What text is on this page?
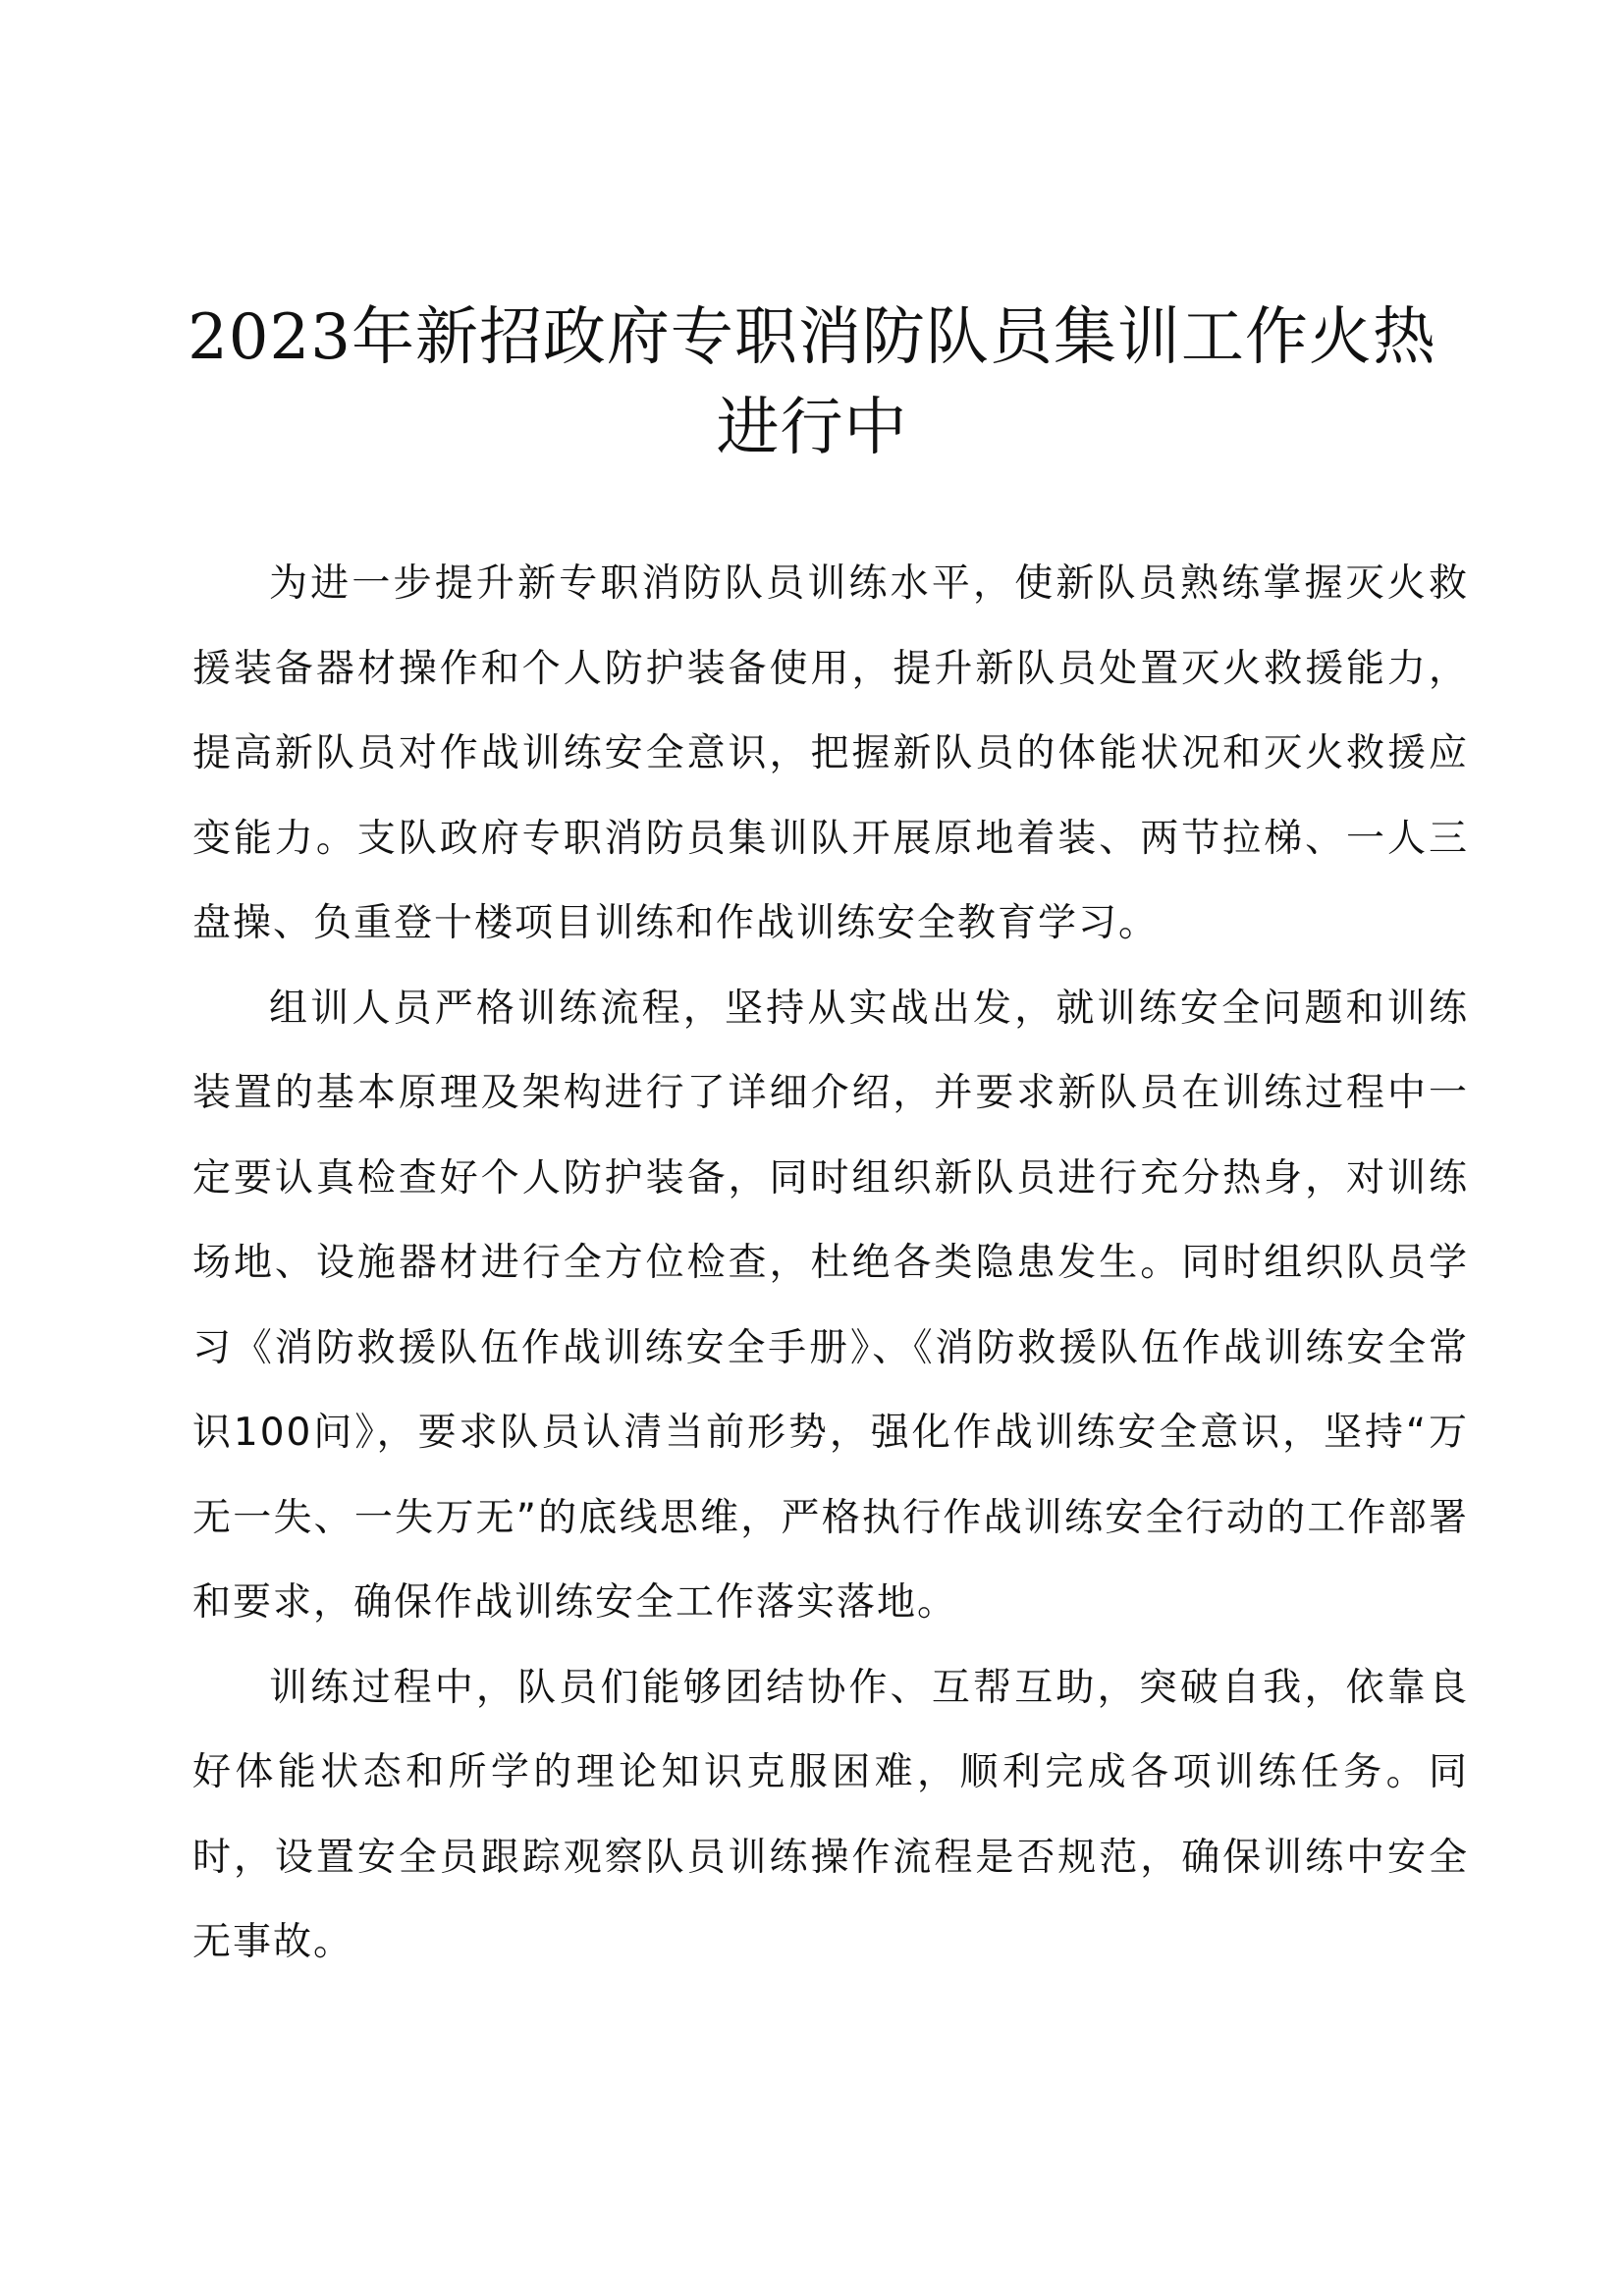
2023年新招政府专职消防队员集训工作火热
进行中

为进一步提升新专职消防队员训练水平，使新队员熟练掌握灭火救援装备器材操作和个人防护装备使用，提升新队员处置灭火救援能力，提高新队员对作战训练安全意识，把握新队员的体能状况和灭火救援应变能力。支队政府专职消防员集训队开展原地着装、两节拉梯、一人三盘操、负重登十楼项目训练和作战训练安全教育学习。

组训人员严格训练流程，坚持从实战出发，就训练安全问题和训练装置的基本原理及架构进行了详细介绍，并要求新队员在训练过程中一定要认真检查好个人防护装备，同时组织新队员进行充分热身，对训练场地、设施器材进行全方位检查，杜绝各类隐患发生。同时组织队员学习《消防救援队伍作战训练安全手册》、《消防救援队伍作战训练安全常识100问》，要求队员认清当前形势，强化作战训练安全意识，坚持“万无一失、一失万无”的底线思维，严格执行作战训练安全行动的工作部署和要求，确保作战训练安全工作落实落地。

训练过程中，队员们能够团结协作、互帮互助，突破自我，依靠良好体能状态和所学的理论知识克服困难，顺利完成各项训练任务。同时，设置安全员跟踪观察队员训练操作流程是否规范，确保训练中安全无事故。
